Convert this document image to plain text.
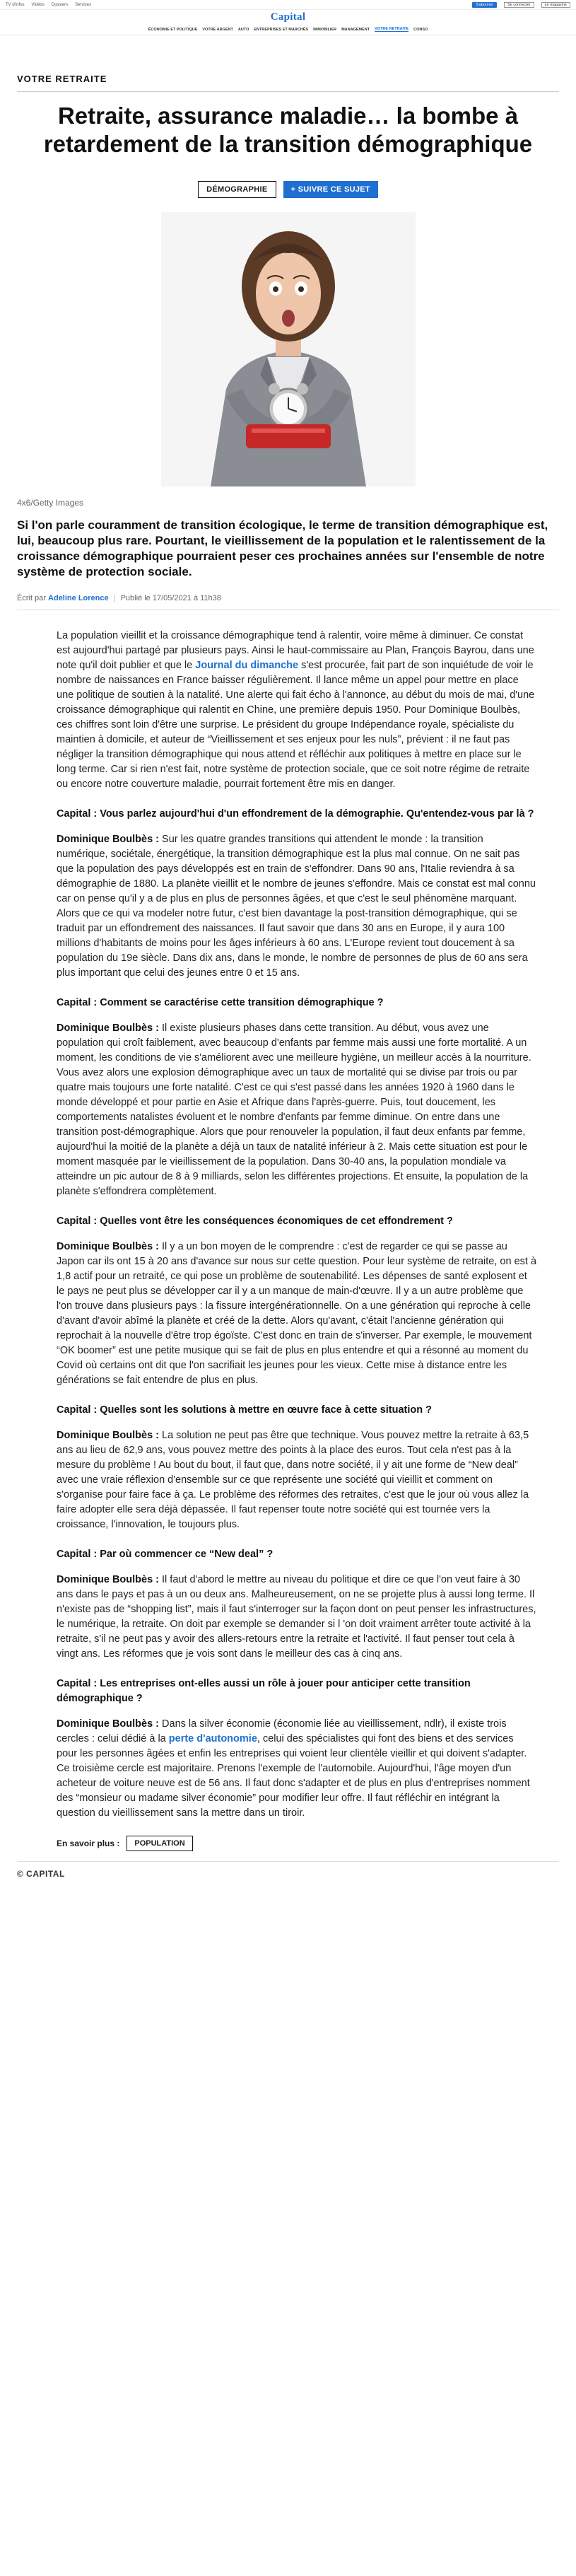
TV d'infos Vidéos Dossiers Services	S'abonner	Se connecter	Le magazine
Capital
ÉCONOMIE ET POLITIQUE VOTRE ARGENT AUTO ENTREPRISES ET MARCHÉS IMMOBILIER MANAGEMENT VOTRE RETRAITE CONSO
VOTRE RETRAITE
Retraite, assurance maladie… la bombe à retardement de la transition démographique
DÉMOGRAPHIE	+ SUIVRE CE SUJET
4x6/Getty Images

Si l'on parle couramment de transition écologique, le terme de transition démographique est, lui, beaucoup plus rare. Pourtant, le vieillissement de la population et le ralentissement de la croissance démographique pourraient peser ces prochaines années sur l'ensemble de notre système de protection sociale.

Écrit par Adeline Lorence | Publié le 17/05/2021 à 11h38

La population vieillit et la croissance démographique tend à ralentir, voire même à diminuer. Ce constat est aujourd'hui partagé par plusieurs pays. Ainsi le haut-commissaire au Plan, François Bayrou, dans une note qu'il doit publier et que le Journal du dimanche s'est procurée, fait part de son inquiétude de voir le nombre de naissances en France baisser régulièrement. Il lance même un appel pour mettre en place une politique de soutien à la natalité. Une alerte qui fait écho à l'annonce, au début du mois de mai, d'une croissance démographique qui ralentit en Chine, une première depuis 1950. Pour Dominique Boulbès, ces chiffres sont loin d'être une surprise. Le président du groupe Indépendance royale, spécialiste du maintien à domicile, et auteur de “Vieillissement et ses enjeux pour les nuls”, prévient : il ne faut pas négliger la transition démographique qui nous attend et réfléchir aux politiques à mettre en place sur le long terme. Car si rien n'est fait, notre système de protection sociale, que ce soit notre régime de retraite ou encore notre couverture maladie, pourrait fortement être mis en danger.

Capital : Vous parlez aujourd'hui d'un effondrement de la démographie. Qu'entendez-vous par là ?

Dominique Boulbès : Sur les quatre grandes transitions qui attendent le monde : la transition numérique, sociétale, énergétique, la transition démographique est la plus mal connue. On ne sait pas que la population des pays développés est en train de s'effondrer. Dans 90 ans, l'Italie reviendra à sa démographie de 1880. La planète vieillit et le nombre de jeunes s'effondre. Mais ce constat est mal connu car on pense qu'il y a de plus en plus de personnes âgées, et que c'est le seul phénomène marquant. Alors que ce qui va modeler notre futur, c'est bien davantage la post-transition démographique, qui se traduit par un effondrement des naissances. Il faut savoir que dans 30 ans en Europe, il y aura 100 millions d'habitants de moins pour les âges inférieurs à 60 ans. L'Europe revient tout doucement à sa population du 19e siècle. Dans dix ans, dans le monde, le nombre de personnes de plus de 60 ans sera plus important que celui des jeunes entre 0 et 15 ans.

Capital : Comment se caractérise cette transition démographique ?

Dominique Boulbès : Il existe plusieurs phases dans cette transition. Au début, vous avez une population qui croît faiblement, avec beaucoup d'enfants par femme mais aussi une forte mortalité. A un moment, les conditions de vie s'améliorent avec une meilleure hygiène, un meilleur accès à la nourriture. Vous avez alors une explosion démographique avec un taux de mortalité qui se divise par trois ou par quatre mais toujours une forte natalité. C'est ce qui s'est passé dans les années 1920 à 1960 dans le monde développé et pour partie en Asie et Afrique dans l'après-guerre. Puis, tout doucement, les comportements natalistes évoluent et le nombre d'enfants par femme diminue. On entre dans une transition post-démographique. Alors que pour renouveler la population, il faut deux enfants par femme, aujourd'hui la moitié de la planète a déjà un taux de natalité inférieur à 2. Mais cette situation est pour le moment masquée par le vieillissement de la population. Dans 30-40 ans, la population mondiale va atteindre un pic autour de 8 à 9 milliards, selon les différentes projections. Et ensuite, la population de la planète s'effondrera complètement.

Capital : Quelles vont être les conséquences économiques de cet effondrement ?

Dominique Boulbès : Il y a un bon moyen de le comprendre : c'est de regarder ce qui se passe au Japon car ils ont 15 à 20 ans d'avance sur nous sur cette question. Pour leur système de retraite, on est à 1,8 actif pour un retraité, ce qui pose un problème de soutenabilité. Les dépenses de santé explosent et le pays ne peut plus se développer car il y a un manque de main-d'œuvre. Il y a un autre problème que l'on trouve dans plusieurs pays : la fissure intergénérationnelle. On a une génération qui reproche à celle d'avant d'avoir abîmé la planète et créé de la dette. Alors qu'avant, c'était l'ancienne génération qui reprochait à la nouvelle d'être trop égoïste. C'est donc en train de s'inverser. Par exemple, le mouvement “OK boomer” est une petite musique qui se fait de plus en plus entendre et qui a résonné au moment du Covid où certains ont dit que l'on sacrifiait les jeunes pour les vieux. Cette mise à distance entre les générations se fait entendre de plus en plus.

Capital : Quelles sont les solutions à mettre en œuvre face à cette situation ?

Dominique Boulbès : La solution ne peut pas être que technique. Vous pouvez mettre la retraite à 63,5 ans au lieu de 62,9 ans, vous pouvez mettre des points à la place des euros. Tout cela n'est pas à la mesure du problème ! Au bout du bout, il faut que, dans notre société, il y ait une forme de “New deal” avec une vraie réflexion d'ensemble sur ce que représente une société qui vieillit et comment on s'organise pour faire face à ça. Le problème des réformes des retraites, c'est que le jour où vous allez la faire adopter elle sera déjà dépassée. Il faut repenser toute notre société qui est tournée vers la croissance, l'innovation, le toujours plus.

Capital : Par où commencer ce “New deal” ?

Dominique Boulbès : Il faut d'abord le mettre au niveau du politique et dire ce que l'on veut faire à 30 ans dans le pays et pas à un ou deux ans. Malheureusement, on ne se projette plus à aussi long terme. Il n'existe pas de “shopping list”, mais il faut s'interroger sur la façon dont on peut penser les infrastructures, le numérique, la retraite. On doit par exemple se demander si l 'on doit vraiment arrêter toute activité à la retraite, s'il ne peut pas y avoir des allers-retours entre la retraite et l'activité. Il faut penser tout cela à vingt ans. Les réformes que je vois sont dans le meilleur des cas à cinq ans.

Capital : Les entreprises ont-elles aussi un rôle à jouer pour anticiper cette transition démographique ?

Dominique Boulbès : Dans la silver économie (économie liée au vieillissement, ndlr), il existe trois cercles : celui dédié à la perte d'autonomie, celui des spécialistes qui font des biens et des services pour les personnes âgées et enfin les entreprises qui voient leur clientèle vieillir et qui doivent s'adapter. Ce troisième cercle est majoritaire. Prenons l'exemple de l'automobile. Aujourd'hui, l'âge moyen d'un acheteur de voiture neuve est de 56 ans. Il faut donc s'adapter et de plus en plus d'entreprises nomment des “monsieur ou madame silver économie” pour modifier leur offre. Il faut réfléchir en intégrant la question du vieillissement sans la mettre dans un tiroir.

En savoir plus :	POPULATION
© CAPITAL
